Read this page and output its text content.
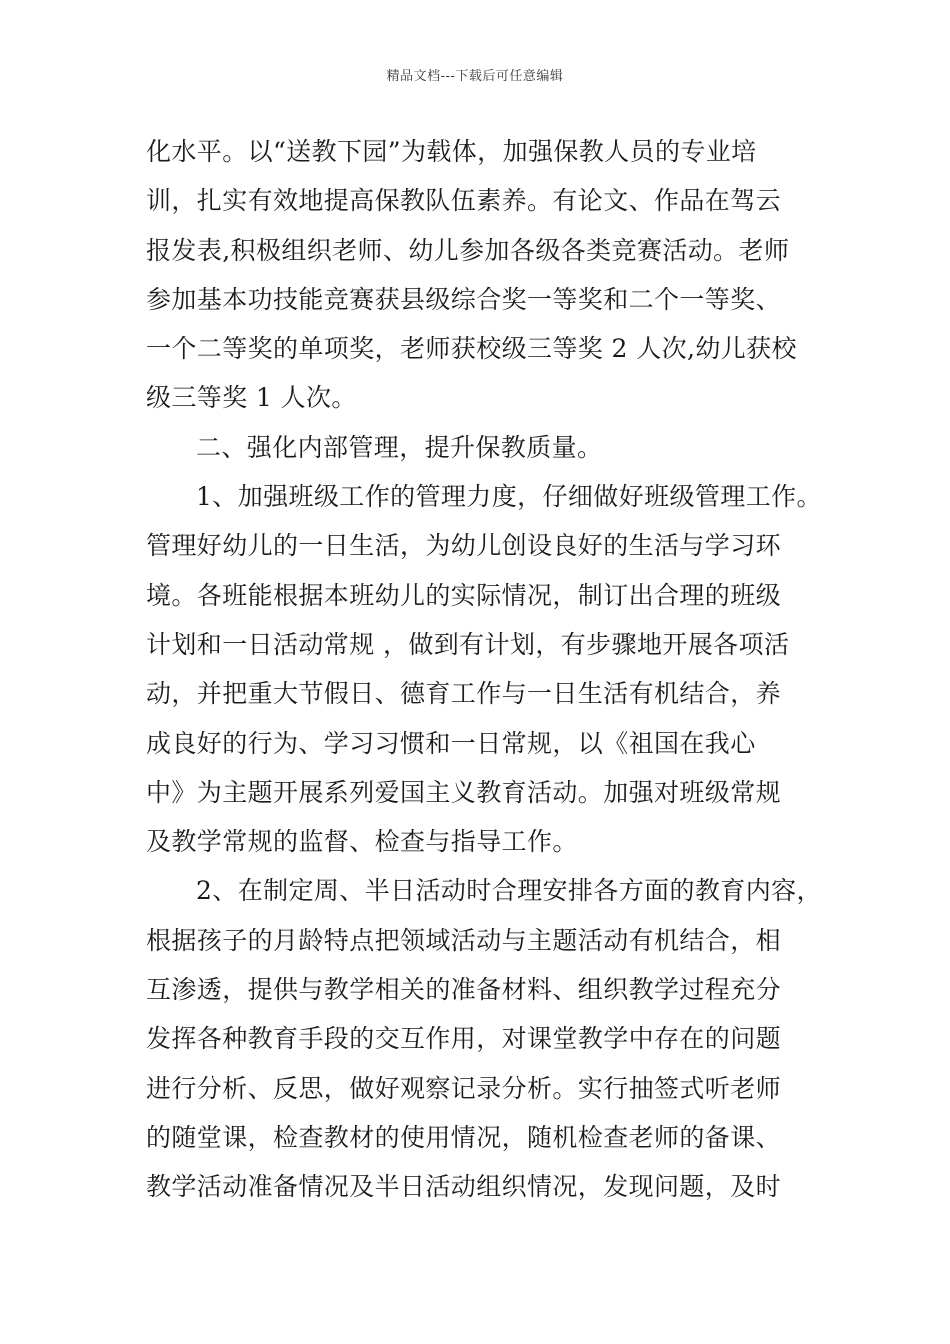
精品文档---下载后可任意编辑
化水平。以“送教下园”为载体，加强保教人员的专业培
训，扎实有效地提高保教队伍素养。有论文、作品在驾云
报发表,积极组织老师、幼儿参加各级各类竞赛活动。老师
参加基本功技能竞赛获县级综合奖一等奖和二个一等奖、
一个二等奖的单项奖，老师获校级三等奖 2 人次,幼儿获校
级三等奖 1 人次。
二、强化内部管理，提升保教质量。
1、加强班级工作的管理力度，仔细做好班级管理工作。
管理好幼儿的一日生活，为幼儿创设良好的生活与学习环
境。各班能根据本班幼儿的实际情况，制订出合理的班级
计划和一日活动常规 ，做到有计划，有步骤地开展各项活
动，并把重大节假日、德育工作与一日生活有机结合，养
成良好的行为、学习习惯和一日常规，以《祖国在我心
中》为主题开展系列爱国主义教育活动。加强对班级常规
及教学常规的监督、检查与指导工作。
2、在制定周、半日活动时合理安排各方面的教育内容，
根据孩子的月龄特点把领域活动与主题活动有机结合，相
互渗透，提供与教学相关的准备材料、组织教学过程充分
发挥各种教育手段的交互作用，对课堂教学中存在的问题
进行分析、反思，做好观察记录分析。实行抽签式听老师
的随堂课，检查教材的使用情况，随机检查老师的备课、
教学活动准备情况及半日活动组织情况，发现问题，及时
